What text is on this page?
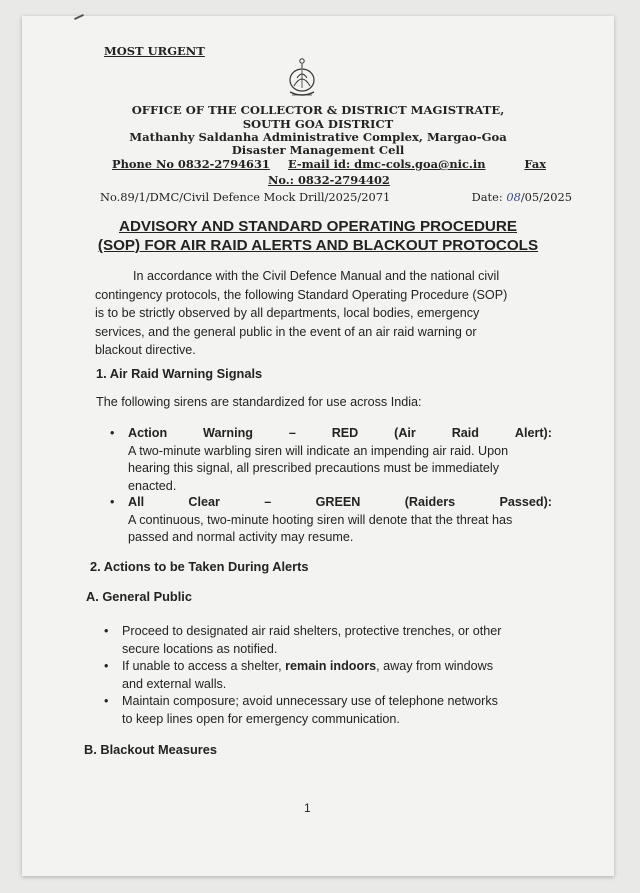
MOST URGENT
OFFICE OF THE COLLECTOR & DISTRICT MAGISTRATE,
SOUTH GOA DISTRICT
Mathanhy Saldanha Administrative Complex, Margao-Goa
Disaster Management Cell
Phone No 0832-2794631 E-mail id: dmc-cols.goa@nic.in	Fax
No.: 0832-2794402
No.89/1/DMC/Civil Defence Mock Drill/2025/2071	Date: 08/05/2025
ADVISORY AND STANDARD OPERATING PROCEDURE
(SOP) FOR AIR RAID ALERTS AND BLACKOUT PROTOCOLS
In accordance with the Civil Defence Manual and the national civil
contingency protocols, the following Standard Operating Procedure (SOP)
is to be strictly observed by all departments, local bodies, emergency
services, and the general public in the event of an air raid warning or
blackout directive.
1. Air Raid Warning Signals
The following sirens are standardized for use across India:
• Action	Warning	–	RED	(Air	Raid	Alert):
A two-minute warbling siren will indicate an impending air raid. Upon
hearing this signal, all prescribed precautions must be immediately
enacted.
• All	Clear	–	GREEN	(Raiders	Passed):
A continuous, two-minute hooting siren will denote that the threat has
passed and normal activity may resume.
2. Actions to be Taken During Alerts
A. General Public
• Proceed to designated air raid shelters, protective trenches, or other
secure locations as notified.
• If unable to access a shelter, remain indoors, away from windows
and external walls.
• Maintain composure; avoid unnecessary use of telephone networks
to keep lines open for emergency communication.
B. Blackout Measures
1
